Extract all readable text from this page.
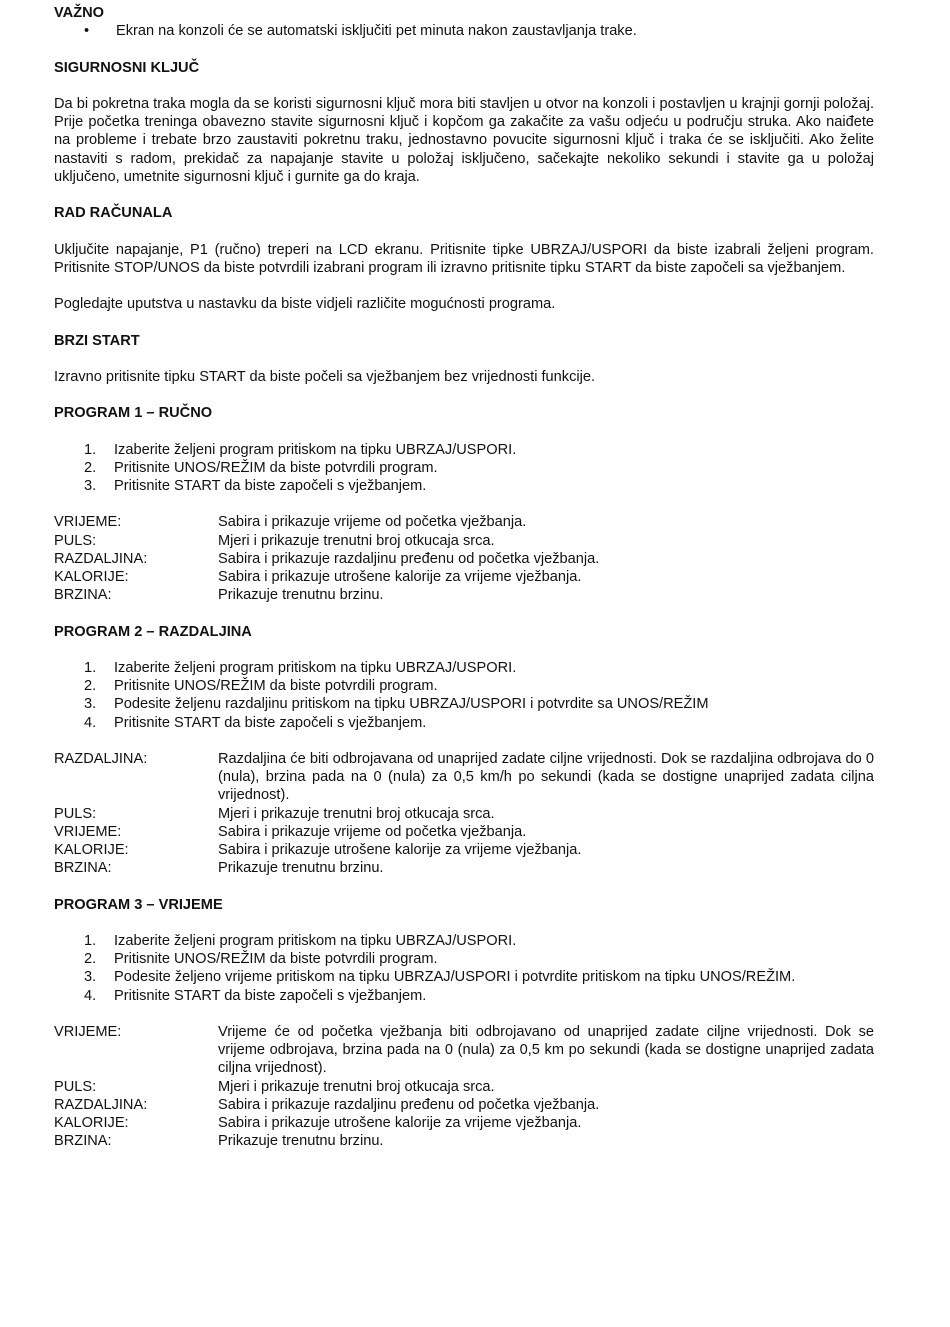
VAŽNO
• Ekran na konzoli će se automatski isključiti pet minuta nakon zaustavljanja trake.
SIGURNOSNI KLJUČ

Da bi pokretna traka mogla da se koristi sigurnosni ključ mora biti stavljen u otvor na konzoli i postavljen u krajnji gornji položaj. Prije početka treninga obavezno stavite sigurnosni ključ i kopčom ga zakačite za vašu odjeću u području struka. Ako naiđete na probleme i trebate brzo zaustaviti pokretnu traku, jednostavno povucite sigurnosni ključ i traka će se isključiti. Ako želite nastaviti s radom, prekidač za napajanje stavite u položaj isključeno, sačekajte nekoliko sekundi i stavite ga u položaj uključeno, umetnite sigurnosni ključ i gurnite ga do kraja.

RAD RAČUNALA

Uključite napajanje, P1 (ručno) treperi na LCD ekranu. Pritisnite tipke UBRZAJ/USPORI da biste izabrali željeni program. Pritisnite STOP/UNOS da biste potvrdili izabrani program ili izravno pritisnite tipku START da biste započeli sa vježbanjem.

Pogledajte uputstva u nastavku da biste vidjeli različite mogućnosti programa.

BRZI START

Izravno pritisnite tipku START da biste počeli sa vježbanjem bez vrijednosti funkcije.

PROGRAM 1 – RUČNO
1. Izaberite željeni program pritiskom na tipku UBRZAJ/USPORI.
2. Pritisnite UNOS/REŽIM da biste potvrdili program.
3. Pritisnite START da biste započeli s vježbanjem.
VRIJEME:	Sabira i prikazuje vrijeme od početka vježbanja.
PULS:	Mjeri i prikazuje trenutni broj otkucaja srca.
RAZDALJINA:	Sabira i prikazuje razdaljinu pređenu od početka vježbanja.
KALORIJE:	Sabira i prikazuje utrošene kalorije za vrijeme vježbanja.
BRZINA:	Prikazuje trenutnu brzinu.
PROGRAM 2 – RAZDALJINA
1. Izaberite željeni program pritiskom na tipku UBRZAJ/USPORI.
2. Pritisnite UNOS/REŽIM da biste potvrdili program.
3. Podesite željenu razdaljinu pritiskom na tipku UBRZAJ/USPORI i potvrdite sa UNOS/REŽIM
4. Pritisnite START da biste započeli s vježbanjem.
RAZDALJINA:	Razdaljina će biti odbrojavana od unaprijed zadate ciljne vrijednosti. Dok se razdaljina odbrojava do 0 (nula), brzina pada na 0 (nula) za 0,5 km/h po sekundi (kada se dostigne unaprijed zadata ciljna vrijednost).
PULS:	Mjeri i prikazuje trenutni broj otkucaja srca.
VRIJEME:	Sabira i prikazuje vrijeme od početka vježbanja.
KALORIJE:	Sabira i prikazuje utrošene kalorije za vrijeme vježbanja.
BRZINA:	Prikazuje trenutnu brzinu.
PROGRAM 3 – VRIJEME
1. Izaberite željeni program pritiskom na tipku UBRZAJ/USPORI.
2. Pritisnite UNOS/REŽIM da biste potvrdili program.
3. Podesite željeno vrijeme pritiskom na tipku UBRZAJ/USPORI i potvrdite pritiskom na tipku UNOS/REŽIM.
4. Pritisnite START da biste započeli s vježbanjem.
VRIJEME:	Vrijeme će od početka vježbanja biti odbrojavano od unaprijed zadate ciljne vrijednosti. Dok se vrijeme odbrojava, brzina pada na 0 (nula) za 0,5 km po sekundi (kada se dostigne unaprijed zadata ciljna vrijednost).
PULS:	Mjeri i prikazuje trenutni broj otkucaja srca.
RAZDALJINA:	Sabira i prikazuje razdaljinu pređenu od početka vježbanja.
KALORIJE:	Sabira i prikazuje utrošene kalorije za vrijeme vježbanja.
BRZINA:	Prikazuje trenutnu brzinu.
